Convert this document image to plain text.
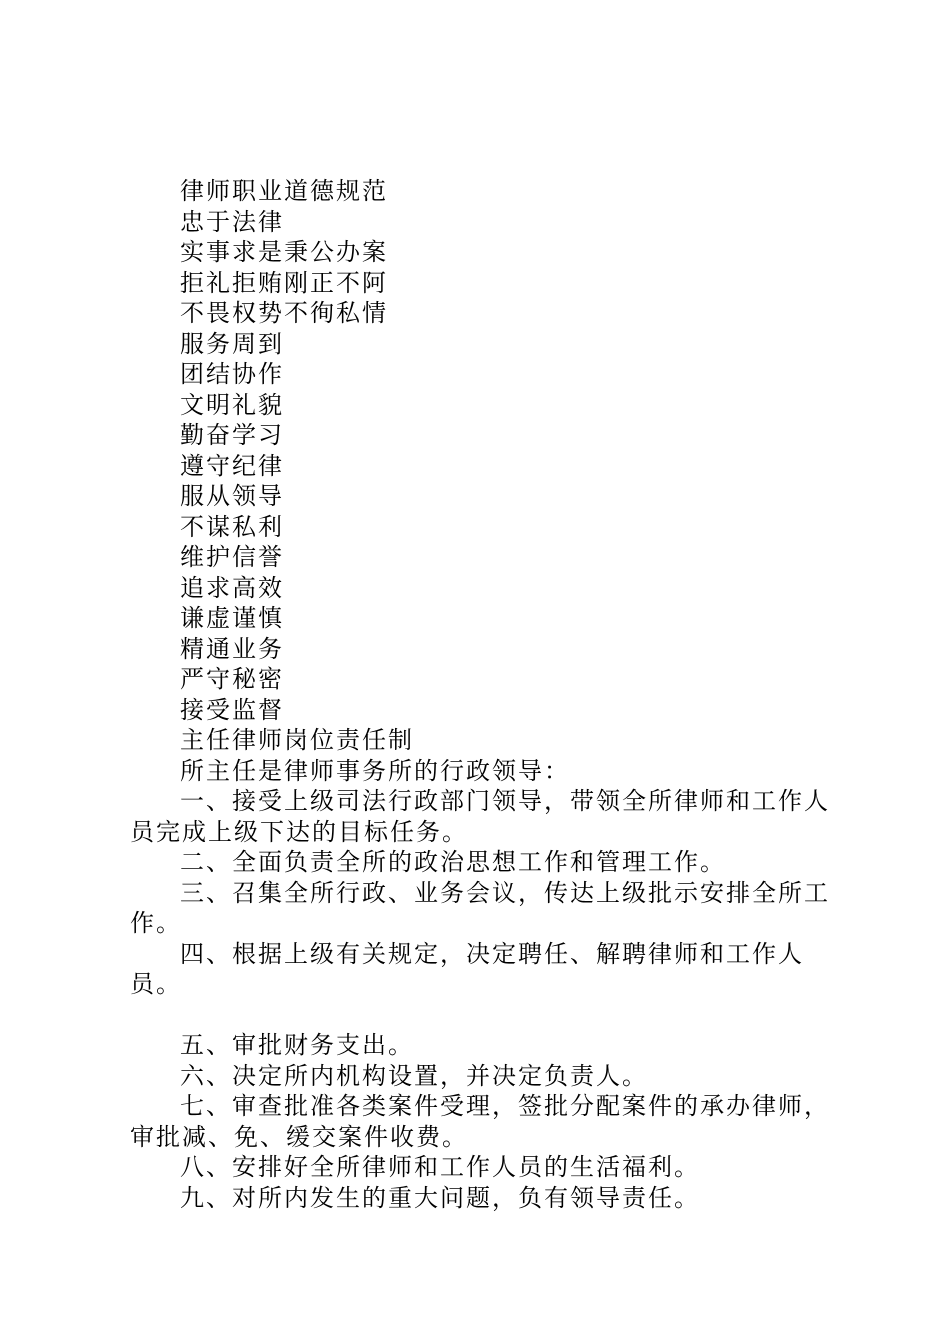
律师职业道德规范
忠于法律
实事求是秉公办案
拒礼拒贿刚正不阿
不畏权势不徇私情
服务周到
团结协作
文明礼貌
勤奋学习
遵守纪律
服从领导
不谋私利
维护信誉
追求高效
谦虚谨慎
精通业务
严守秘密
接受监督
主任律师岗位责任制
所主任是律师事务所的行政领导：
一、接受上级司法行政部门领导，带领全所律师和工作人员完成上级下达的目标任务。
二、全面负责全所的政治思想工作和管理工作。
三、召集全所行政、业务会议，传达上级批示安排全所工作。
四、根据上级有关规定，决定聘任、解聘律师和工作人员。
五、审批财务支出。
六、决定所内机构设置，并决定负责人。
七、审查批准各类案件受理，签批分配案件的承办律师，审批减、免、缓交案件收费。
八、安排好全所律师和工作人员的生活福利。
九、对所内发生的重大问题，负有领导责任。
